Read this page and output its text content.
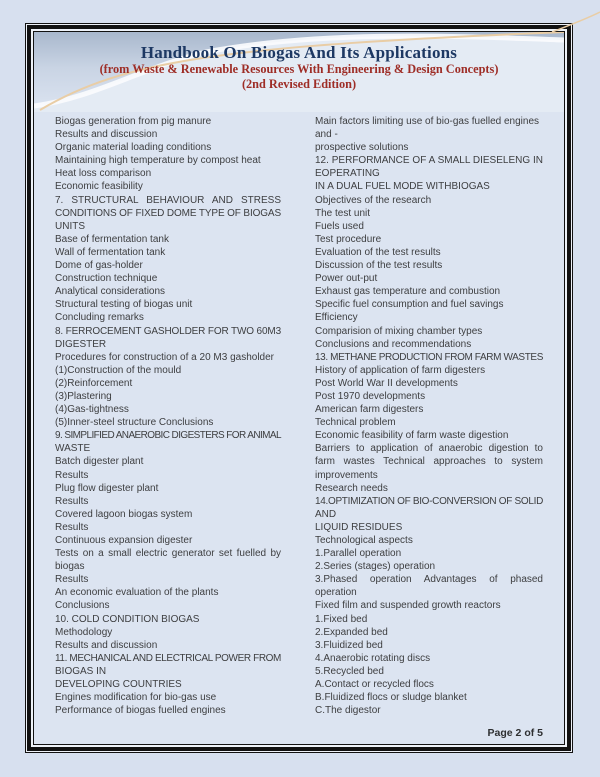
Handbook On Biogas And Its Applications
(from Waste & Renewable Resources With Engineering & Design Concepts)
(2nd Revised Edition)
Biogas generation from pig manure
Results and discussion
Organic material loading conditions
Maintaining high temperature by compost heat
Heat loss comparison
Economic feasibility
7. STRUCTURAL BEHAVIOUR AND STRESS
CONDITIONS OF FIXED DOME TYPE OF BIOGAS
UNITS
Base of fermentation tank
Wall of fermentation tank
Dome of gas-holder
Construction technique
Analytical considerations
Structural testing of biogas unit
Concluding remarks
8. FERROCEMENT GASHOLDER FOR TWO 60M3
DIGESTER
Procedures for construction of a 20 M3 gasholder
(1)Construction of the mould
(2)Reinforcement
(3)Plastering
(4)Gas-tightness
(5)Inner-steel structure Conclusions
9. SIMPLIFIED ANAEROBIC DIGESTERS FOR ANIMAL
WASTE
Batch digester plant
Results
Plug flow digester plant
Results
Covered lagoon biogas system
Results
Continuous expansion digester
Tests on a small electric generator set fuelled by
biogas
Results
An economic evaluation of the plants
Conclusions
10. COLD CONDITION BIOGAS
Methodology
Results and discussion
11. MECHANICAL AND ELECTRICAL POWER FROM
BIOGAS IN
DEVELOPING COUNTRIES
Engines modification for bio-gas use
Performance of biogas fuelled engines
Main factors limiting use of bio-gas fuelled engines
and -
prospective solutions
12. PERFORMANCE OF A SMALL DIESELENG IN
EOPERATING
IN A DUAL FUEL MODE WITHBIOGAS
Objectives of the research
The test unit
Fuels used
Test procedure
Evaluation of the test results
Discussion of the test results
Power out-put
Exhaust gas temperature and combustion
Specific fuel consumption and fuel savings
Efficiency
Comparision of mixing chamber types
Conclusions and recommendations
13. METHANE PRODUCTION FROM FARM WASTES
History of application of farm digesters
Post World War II developments
Post 1970 developments
American farm digesters
Technical problem
Economic feasibility of farm waste digestion
Barriers to application of anaerobic digestion to
farm wastes Technical approaches to system
improvements
Research needs
14.OPTIMIZATION OF BIO-CONVERSION OF SOLID
AND
LIQUID RESIDUES
Technological aspects
1.Parallel operation
2.Series (stages) operation
3.Phased operation Advantages of phased
operation
Fixed film and suspended growth reactors
1.Fixed bed
2.Expanded bed
3.Fluidized bed
4.Anaerobic rotating discs
5.Recycled bed
A.Contact or recycled flocs
B.Fluidized flocs or sludge blanket
C.The digestor
Page 2 of 5
